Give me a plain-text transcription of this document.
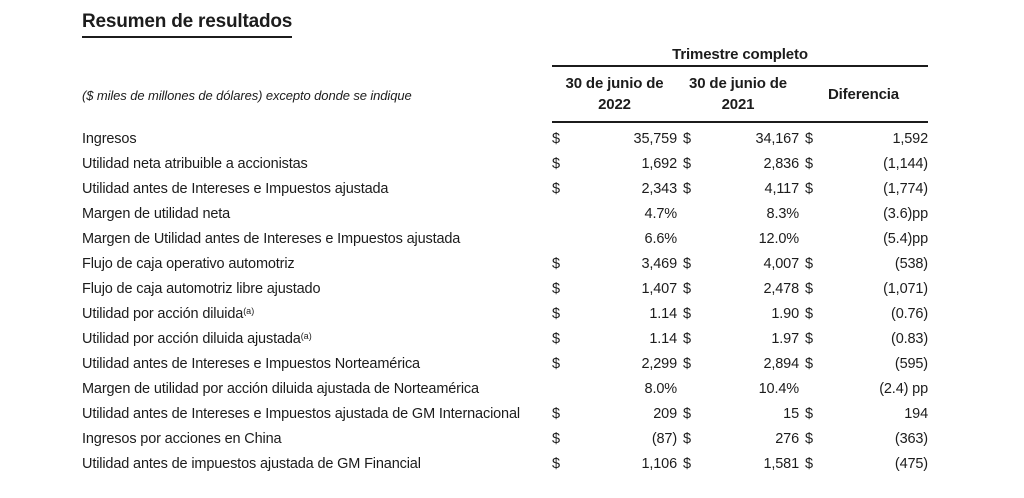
Resumen de resultados
($ miles de millones de dólares) excepto donde se indique
Trimestre completo
30 de junio de
2022
30 de junio de
2021
Diferencia
Ingresos	$	35,759 $	34,167 $	1,592
Utilidad neta atribuible a accionistas	$	1,692 $	2,836 $	(1,144)
Utilidad antes de Intereses e Impuestos ajustada	$	2,343 $	4,117 $	(1,774)
Margen de utilidad neta	4.7%	8.3%	(3.6)pp
Margen de Utilidad antes de Intereses e Impuestos ajustada	6.6%	12.0%	(5.4)pp
Flujo de caja operativo automotriz	$	3,469 $	4,007 $	(538)
Flujo de caja automotriz libre ajustado	$	1,407 $	2,478 $	(1,071)
Utilidad por acción diluida$^{(a)}$	$	1.14 $	1.90 $	(0.76)
Utilidad por acción diluida ajustada$^{(a)}$	$	1.14 $	1.97 $	(0.83)
Utilidad antes de Intereses e Impuestos Norteamérica	$	2,299 $	2,894 $	(595)
Margen de utilidad por acción diluida ajustada de Norteamérica	8.0%	10.4%	(2.4) pp
Utilidad antes de Intereses e Impuestos ajustada de GM Internacional	$	209 $	15 $	194
Ingresos por acciones en China	$	(87) $	276 $	(363)
Utilidad antes de impuestos ajustada de GM Financial	$	1,106 $	1,581 $	(475)
